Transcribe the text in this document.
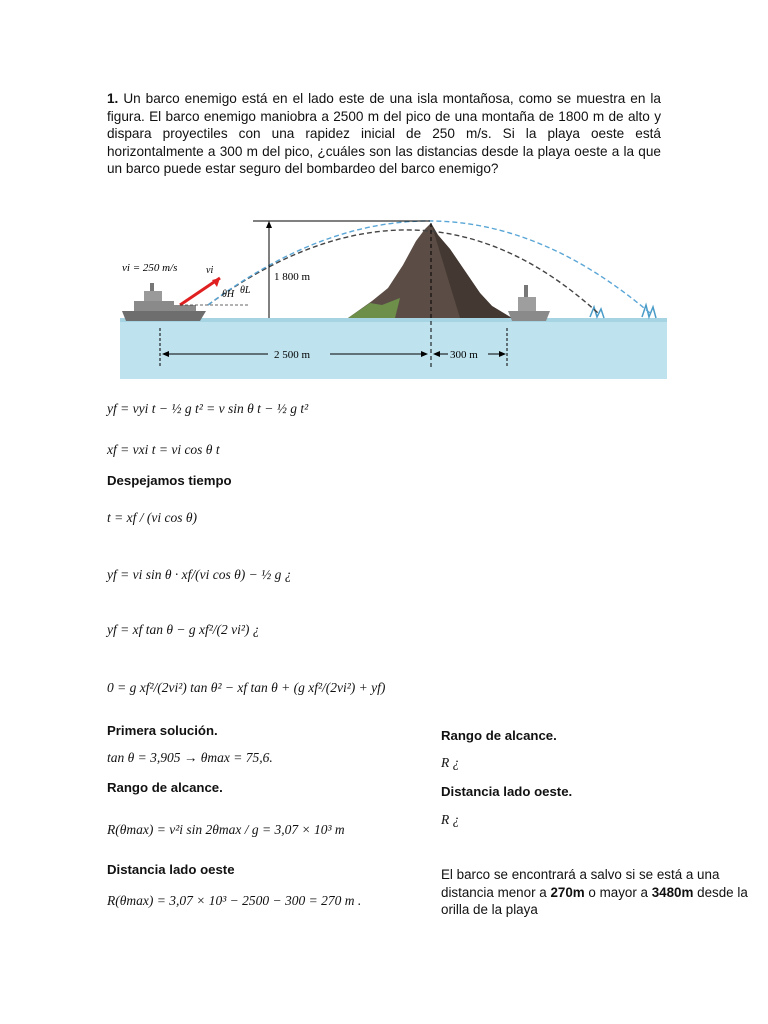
1. Un barco enemigo está en el lado este de una isla montañosa, como se muestra en la figura. El barco enemigo maniobra a 2500 m del pico de una montaña de 1800 m de alto y dispara proyectiles con una rapidez inicial de 250 m/s. Si la playa oeste está horizontalmente a 300 m del pico, ¿cuáles son las distancias desde la playa oeste a la que un barco puede estar seguro del bombardeo del barco enemigo?
2 500 m	300 m
1 800 m
vi = 250 m/s	vi
θH θL
yf = vyi t − ½ g t² = v sin θ t − ½ g t²
xf = vxi t = vi cos θ t
Despejamos tiempo
t = xf / (vi cos θ)
yf = vi sin θ · xf/(vi cos θ) − ½ g ¿
yf = xf tan θ − g xf²/(2 vi²) ¿
0 = g xf²/(2vi²) tan θ² − xf tan θ + (g xf²/(2vi²) + yf)
Primera solución.
tan θ = 3,905 → θmax = 75,6.
Rango de alcance.
R(θmax) = v²i sin 2θmax / g = 3,07 × 10³ m
Distancia lado oeste
R(θmax) = 3,07 × 10³ − 2500 − 300 = 270 m .
Rango de alcance.
R ¿
Distancia lado oeste.
R ¿
El barco se encontrará a salvo si se está a una distancia menor a 270m o mayor a 3480m desde la orilla de la playa
